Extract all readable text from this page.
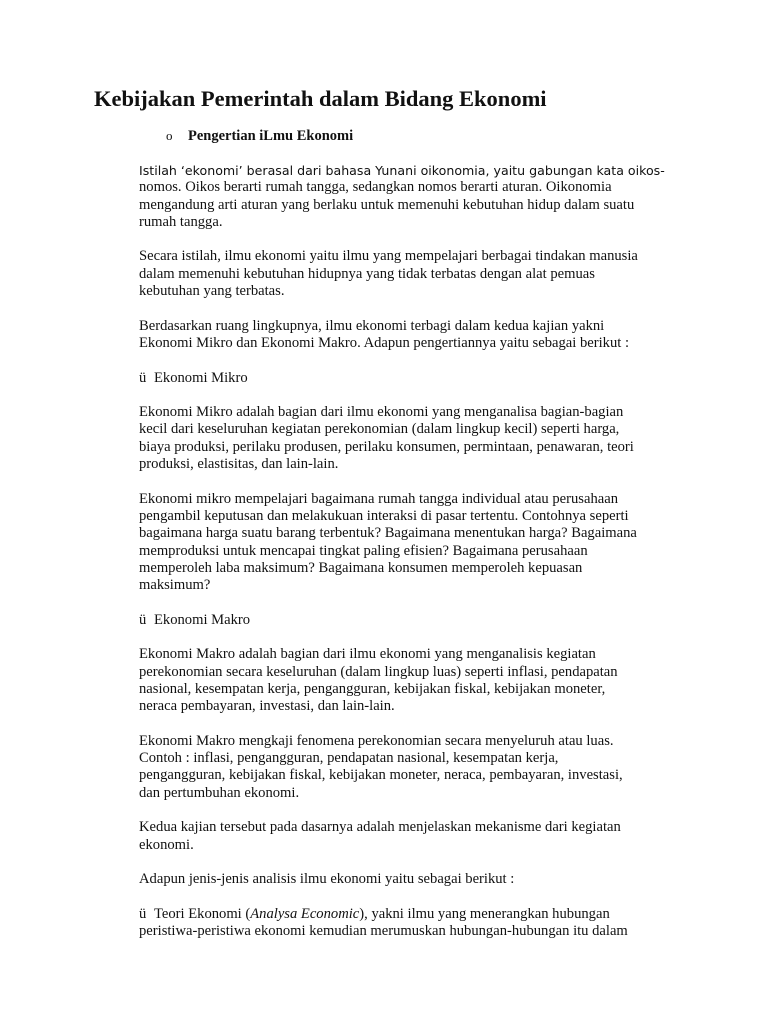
Kebijakan Pemerintah dalam Bidang Ekonomi
o Pengertian iLmu Ekonomi
Istilah ‘ekonomi’ berasal dari bahasa Yunani oikonomia, yaitu gabungan kata oikos-
nomos. Oikos berarti rumah tangga, sedangkan nomos berarti aturan. Oikonomia
mengandung arti aturan yang berlaku untuk memenuhi kebutuhan hidup dalam suatu
rumah tangga.
Secara istilah, ilmu ekonomi yaitu ilmu yang mempelajari berbagai tindakan manusia
dalam memenuhi kebutuhan hidupnya yang tidak terbatas dengan alat pemuas
kebutuhan yang terbatas.
Berdasarkan ruang lingkupnya, ilmu ekonomi terbagi dalam kedua kajian yakni
Ekonomi Mikro dan Ekonomi Makro. Adapun pengertiannya yaitu sebagai berikut :
ü Ekonomi Mikro
Ekonomi Mikro adalah bagian dari ilmu ekonomi yang menganalisa bagian-bagian
kecil dari keseluruhan kegiatan perekonomian (dalam lingkup kecil) seperti harga,
biaya produksi, perilaku produsen, perilaku konsumen, permintaan, penawaran, teori
produksi, elastisitas, dan lain-lain.
Ekonomi mikro mempelajari bagaimana rumah tangga individual atau perusahaan
pengambil keputusan dan melakukuan interaksi di pasar tertentu. Contohnya seperti
bagaimana harga suatu barang terbentuk? Bagaimana menentukan harga? Bagaimana
memproduksi untuk mencapai tingkat paling efisien? Bagaimana perusahaan
memperoleh laba maksimum? Bagaimana konsumen memperoleh kepuasan
maksimum?
ü Ekonomi Makro
Ekonomi Makro adalah bagian dari ilmu ekonomi yang menganalisis kegiatan
perekonomian secara keseluruhan (dalam lingkup luas) seperti inflasi, pendapatan
nasional, kesempatan kerja, pengangguran, kebijakan fiskal, kebijakan moneter,
neraca pembayaran, investasi, dan lain-lain.
Ekonomi Makro mengkaji fenomena perekonomian secara menyeluruh atau luas.
Contoh : inflasi, pengangguran, pendapatan nasional, kesempatan kerja,
pengangguran, kebijakan fiskal, kebijakan moneter, neraca, pembayaran, investasi,
dan pertumbuhan ekonomi.
Kedua kajian tersebut pada dasarnya adalah menjelaskan mekanisme dari kegiatan
ekonomi.
Adapun jenis-jenis analisis ilmu ekonomi yaitu sebagai berikut :
ü Teori Ekonomi (Analysa Economic), yakni ilmu yang menerangkan hubungan
peristiwa-peristiwa ekonomi kemudian merumuskan hubungan-hubungan itu dalam
